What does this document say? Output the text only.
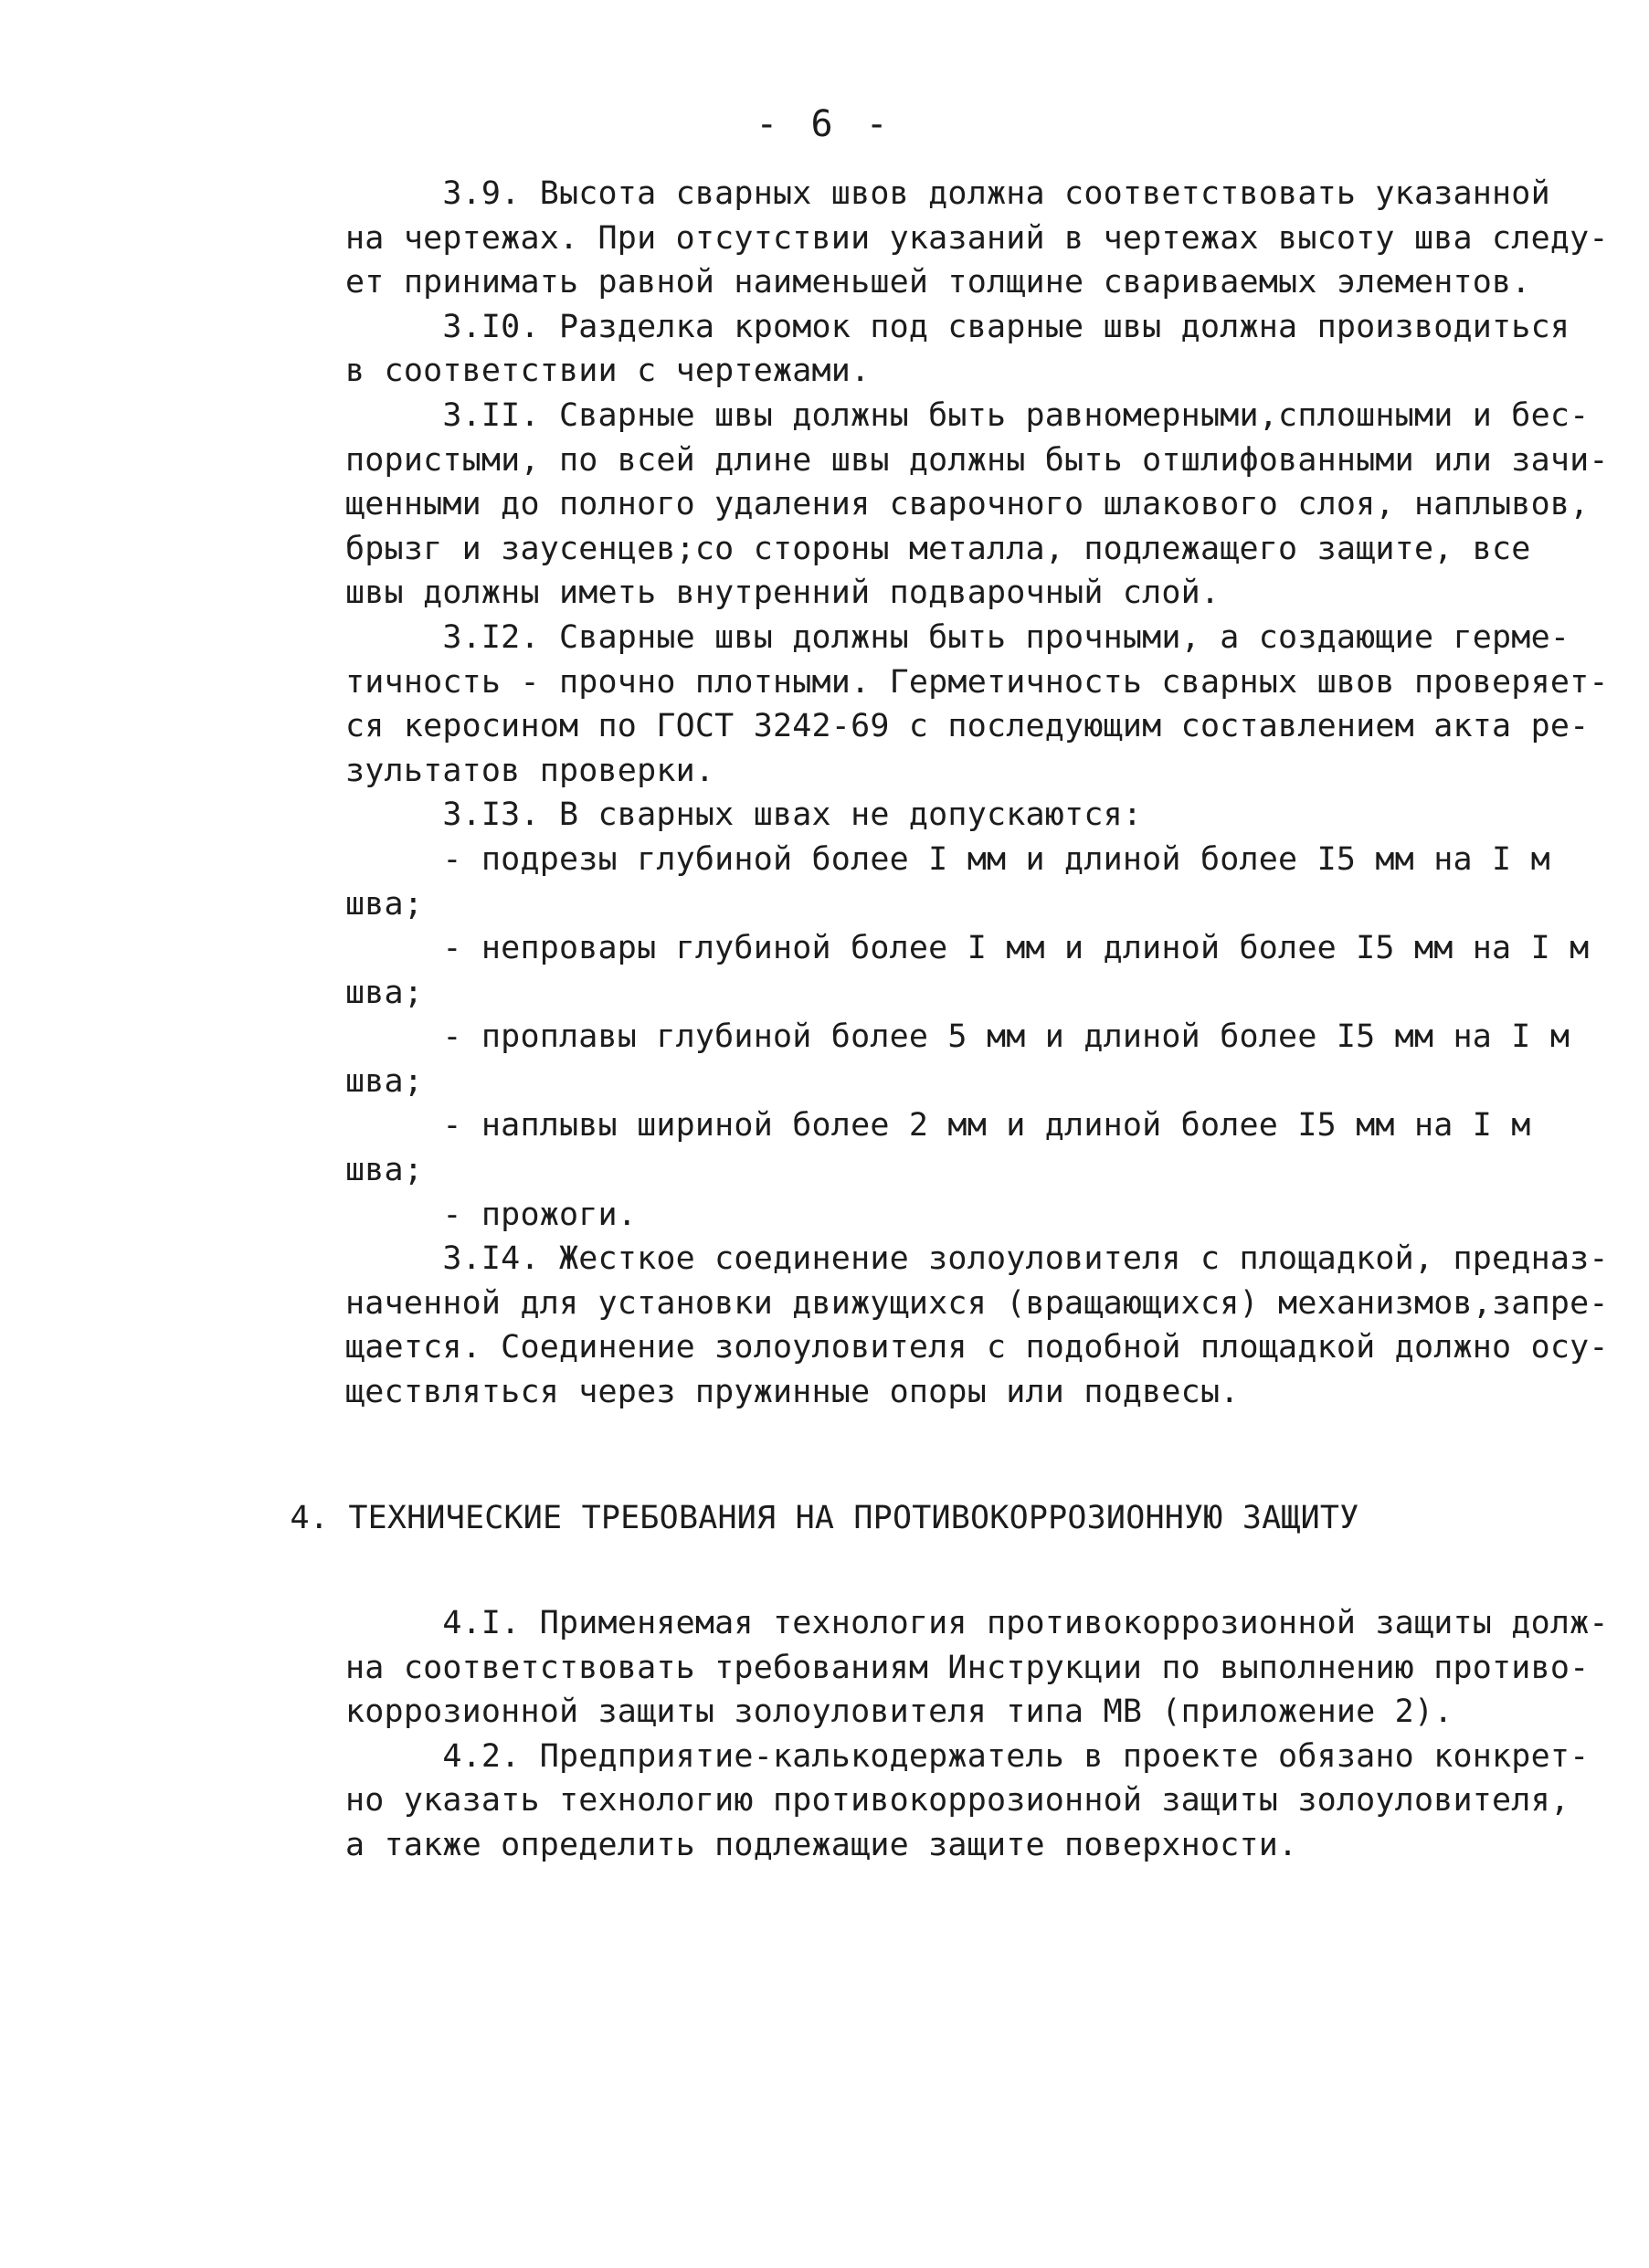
- 6 -
3.9. Высота сварных швов должна соответствовать указанной
на чертежах. При отсутствии указаний в чертежах высоту шва следу-
ет принимать равной наименьшей толщине свариваемых элементов.
3.I0. Разделка кромок под сварные швы должна производиться
в соответствии с чертежами.
3.II. Сварные швы должны быть равномерными,сплошными и бес-
пористыми, по всей длине швы должны быть отшлифованными или зачи-
щенными до полного удаления сварочного шлакового слоя, наплывов,
брызг и заусенцев;со стороны металла, подлежащего защите, все
швы должны иметь внутренний подварочный слой.
3.I2. Сварные швы должны быть прочными, а создающие герме-
тичность - прочно плотными. Герметичность сварных швов проверяет-
ся керосином по ГОСТ 3242-69 с последующим составлением акта ре-
зультатов проверки.
3.I3. В сварных швах не допускаются:
- подрезы глубиной более I мм и длиной более I5 мм на I м
шва;
- непровары глубиной более I мм и длиной более I5 мм на I м
шва;
- проплавы глубиной более 5 мм и длиной более I5 мм на I м
шва;
- наплывы шириной более 2 мм и длиной более I5 мм на I м
шва;
- прожоги.
3.I4. Жесткое соединение золоуловителя с площадкой, предназ-
наченной для установки движущихся (вращающихся) механизмов,запре-
щается. Соединение золоуловителя с подобной площадкой должно осу-
ществляться через пружинные опоры или подвесы.
4. ТЕХНИЧЕСКИЕ ТРЕБОВАНИЯ НА ПРОТИВОКОРРОЗИОННУЮ ЗАЩИТУ
4.I. Применяемая технология противокоррозионной защиты долж-
на соответствовать требованиям Инструкции по выполнению противо-
коррозионной защиты золоуловителя типа МВ (приложение 2).
4.2. Предприятие-калькодержатель в проекте обязано конкрет-
но указать технологию противокоррозионной защиты золоуловителя,
а также определить подлежащие защите поверхности.
